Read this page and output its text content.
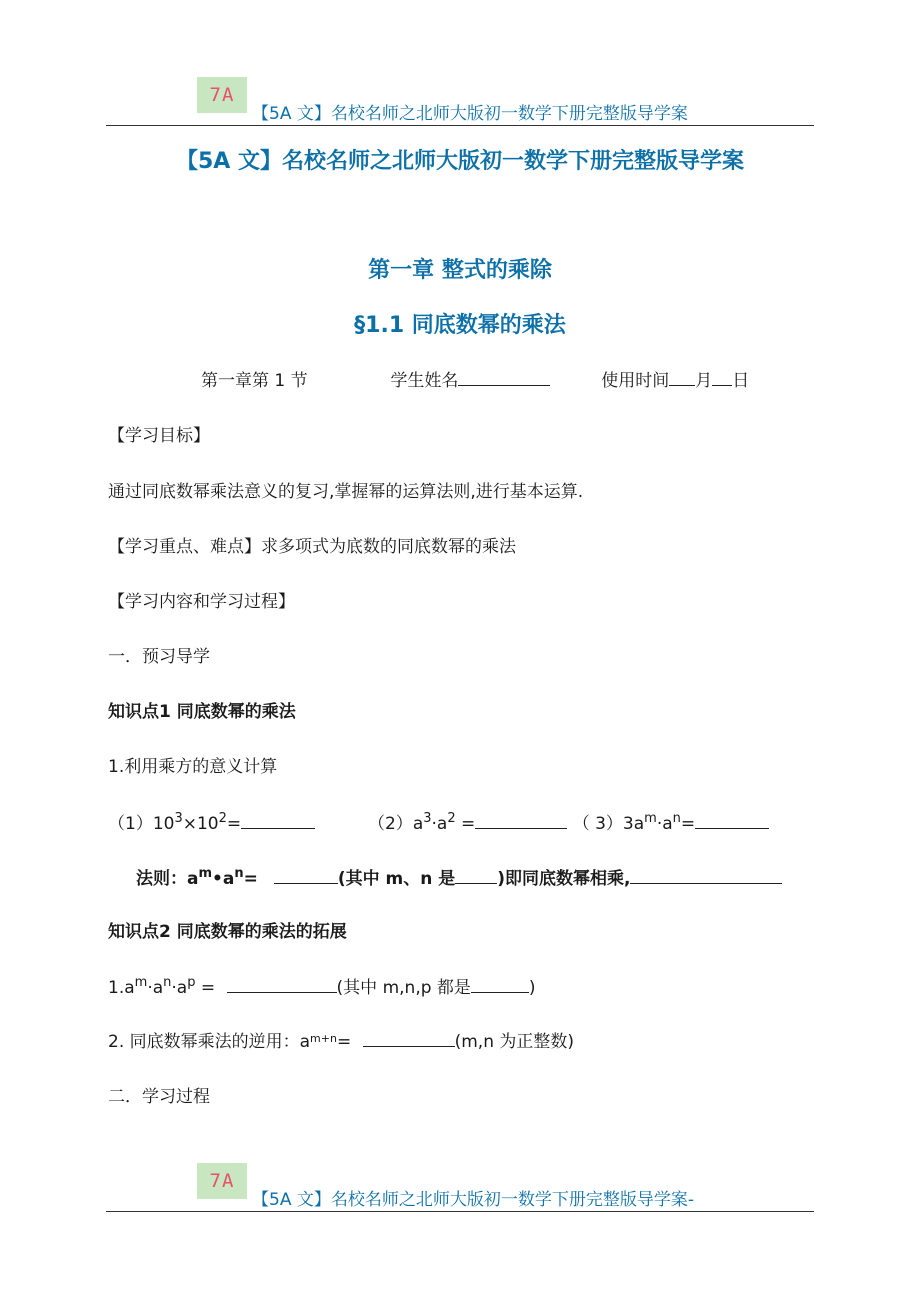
7A
【5A 文】名校名师之北师大版初一数学下册完整版导学案
【5A 文】名校名师之北师大版初一数学下册完整版导学案
第一章 整式的乘除
§1.1 同底数幂的乘法
第一章第 1 节	学生姓名	使用时间 月 日
【学习目标】
通过同底数幂乘法意义的复习,掌握幂的运算法则,进行基本运算.
【学习重点、难点】求多项式为底数的同底数幂的乘法
【学习内容和学习过程】
一．预习导学
知识点1 同底数幂的乘法
1.利用乘方的意义计算
$(1)10^3\times 10^2=$	$(2)a^3\cdot a^2$ =	（ $3)3a^m\cdot a^n=$
法则：$a^m•a^n=$	(其中 m、n 是 )即同底数幂相乘,
知识点2 同底数幂的乘法的拓展
$1.a^m\cdot a^n\cdot a^p$ =	(其中 m,n,p 都是	)
2. 同底数幂乘法的逆用：$a^{m+n}=$	(m,n 为正整数)
二．学习过程
7A
【5A 文】名校名师之北师大版初一数学下册完整版导学案-
